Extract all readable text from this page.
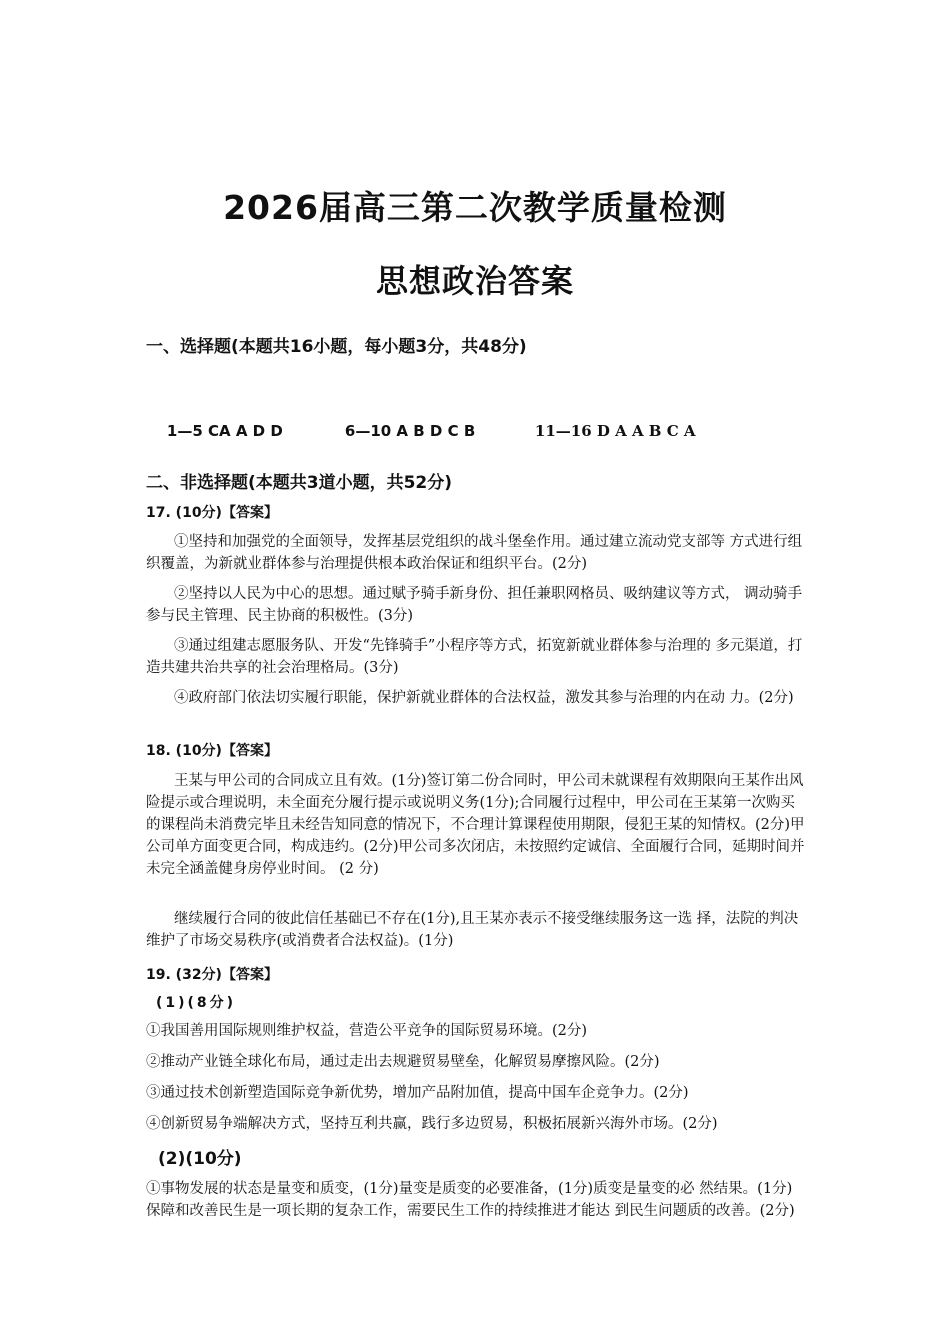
2026届高三第二次教学质量检测
思想政治答案
一、选择题(本题共16小题，每小题3分，共48分)

1—5 CA A D D	6—10 A B D C B	11—16 D A A B C A

二、非选择题(本题共3道小题，共52分)
17. (10分)【答案】
①坚持和加强党的全面领导，发挥基层党组织的战斗堡垒作用。通过建立流动党支部等 方式进行组织覆盖，为新就业群体参与治理提供根本政治保证和组织平台。(2分)
②坚持以人民为中心的思想。通过赋予骑手新身份、担任兼职网格员、吸纳建议等方式， 调动骑手参与民主管理、民主协商的积极性。(3分)
③通过组建志愿服务队、开发“先锋骑手”小程序等方式，拓宽新就业群体参与治理的 多元渠道，打造共建共治共享的社会治理格局。(3分)
④政府部门依法切实履行职能，保护新就业群体的合法权益，激发其参与治理的内在动 力。(2分)
18. (10分)【答案】
王某与甲公司的合同成立且有效。(1分)签订第二份合同时，甲公司未就课程有效期限向王某作出风险提示或合理说明，未全面充分履行提示或说明义务(1分);合同履行过程中，甲公司在王某第一次购买的课程尚未消费完毕且未经告知同意的情况下，不合理计算课程使用期限，侵犯王某的知情权。(2分)甲公司单方面变更合同，构成违约。(2分)甲公司多次闭店，未按照约定诚信、全面履行合同，延期时间并未完全涵盖健身房停业时间。 (2 分)
继续履行合同的彼此信任基础已不存在(1分),且王某亦表示不接受继续服务这一选 择，法院的判决维护了市场交易秩序(或消费者合法权益)。(1分)
19. (32分)【答案】
(1)(8分)
①我国善用国际规则维护权益，营造公平竞争的国际贸易环境。(2分)
②推动产业链全球化布局，通过走出去规避贸易壁垒，化解贸易摩擦风险。(2分)
③通过技术创新塑造国际竞争新优势，增加产品附加值，提高中国车企竞争力。(2分)
④创新贸易争端解决方式，坚持互利共赢，践行多边贸易，积极拓展新兴海外市场。(2分)
(2)(10分)
①事物发展的状态是量变和质变，(1分)量变是质变的必要准备，(1分)质变是量变的必 然结果。(1分)保障和改善民生是一项长期的复杂工作，需要民生工作的持续推进才能达 到民生问题质的改善。(2分)
